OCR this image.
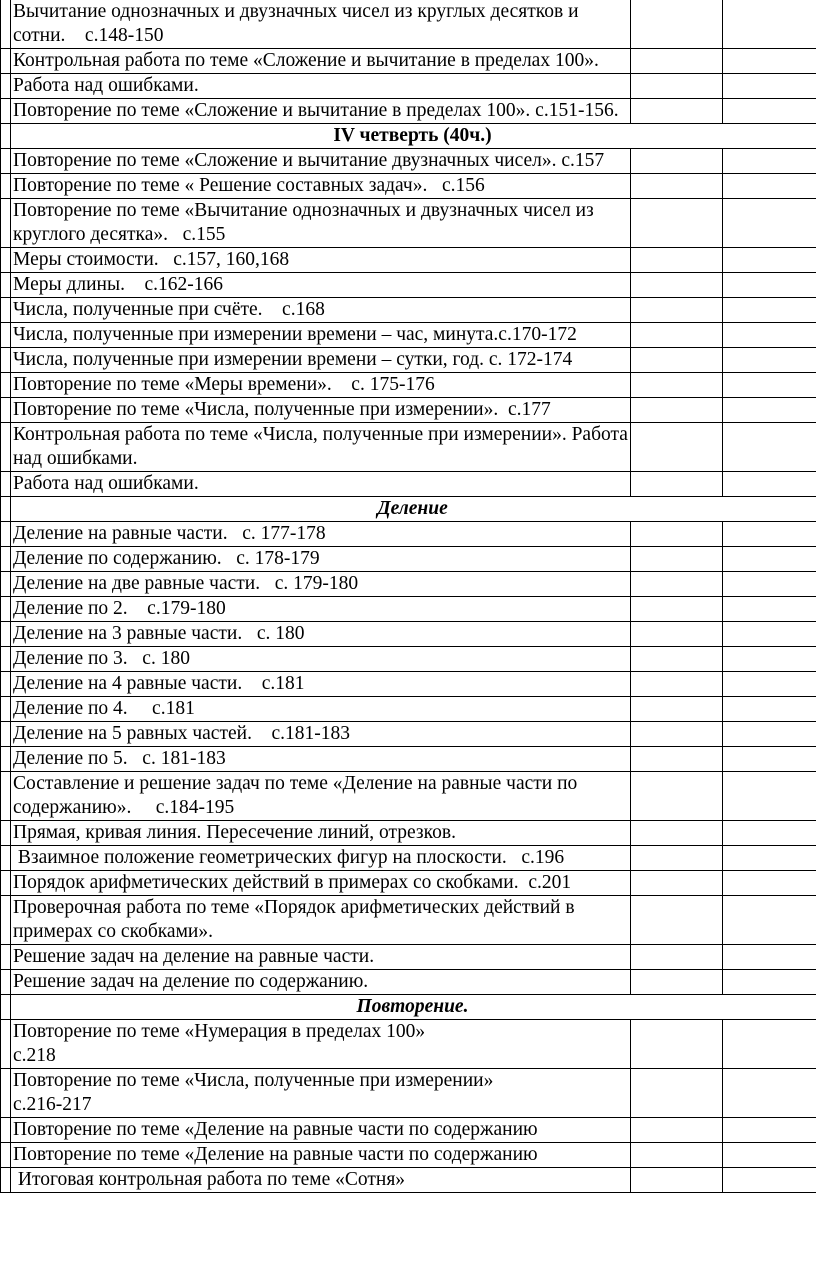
	Вычитание однозначных и двузначных чисел из круглых десятков и сотни.    с.148-150		
	Контрольная работа по теме «Сложение и вычитание в пределах 100».		
	Работа над ошибками.		
	Повторение по теме «Сложение и вычитание в пределах 100». с.151-156.		
	IV четверть (40ч.)		
	Повторение по теме «Сложение и вычитание двузначных чисел». с.157		
	Повторение по теме « Решение составных задач».   с.156		
	Повторение по теме «Вычитание однозначных и двузначных чисел из круглого десятка».   с.155		
	Меры стоимости.   с.157, 160,168		
	Меры длины.    с.162-166		
	Числа, полученные при счёте.    с.168		
	Числа, полученные при измерении времени – час, минута.с.170-172		
	Числа, полученные при измерении времени – сутки, год. с. 172-174		
	Повторение по теме «Меры времени».    с. 175-176		
	Повторение по теме «Числа, полученные при измерении».  с.177		
	Контрольная работа по теме «Числа, полученные при измерении». Работа над ошибками.		
	Работа над ошибками.		
	Деление		
	Деление на равные части.   с. 177-178		
	Деление по содержанию.   с. 178-179		
	Деление на две равные части.   с. 179-180		
	Деление по 2.    с.179-180		
	Деление на 3 равные части.   с. 180		
	Деление по 3.   с. 180		
	Деление на 4 равные части.    с.181		
	Деление по 4.     с.181		
	Деление на 5 равных частей.    с.181-183		
	Деление по 5.   с. 181-183		
	Составление и решение задач по теме «Деление на равные части по содержанию».     с.184-195		
	Прямая, кривая линия. Пересечение линий, отрезков.		
	Взаимное положение геометрических фигур на плоскости.   с.196		
	Порядок арифметических действий в примерах со скобками.  с.201		
	Проверочная работа по теме «Порядок арифметических действий в примерах со скобками».		
	Решение задач на деление на равные части.		
	Решение задач на деление по содержанию.		
	Повторение.		
	Повторение по теме «Нумерация в пределах 100»
с.218		
	Повторение по теме «Числа, полученные при измерении»
с.216-217		
	Повторение по теме «Деление на равные части по содержанию		
	Повторение по теме «Деление на равные части по содержанию		
	Итоговая контрольная работа по теме «Сотня»		
